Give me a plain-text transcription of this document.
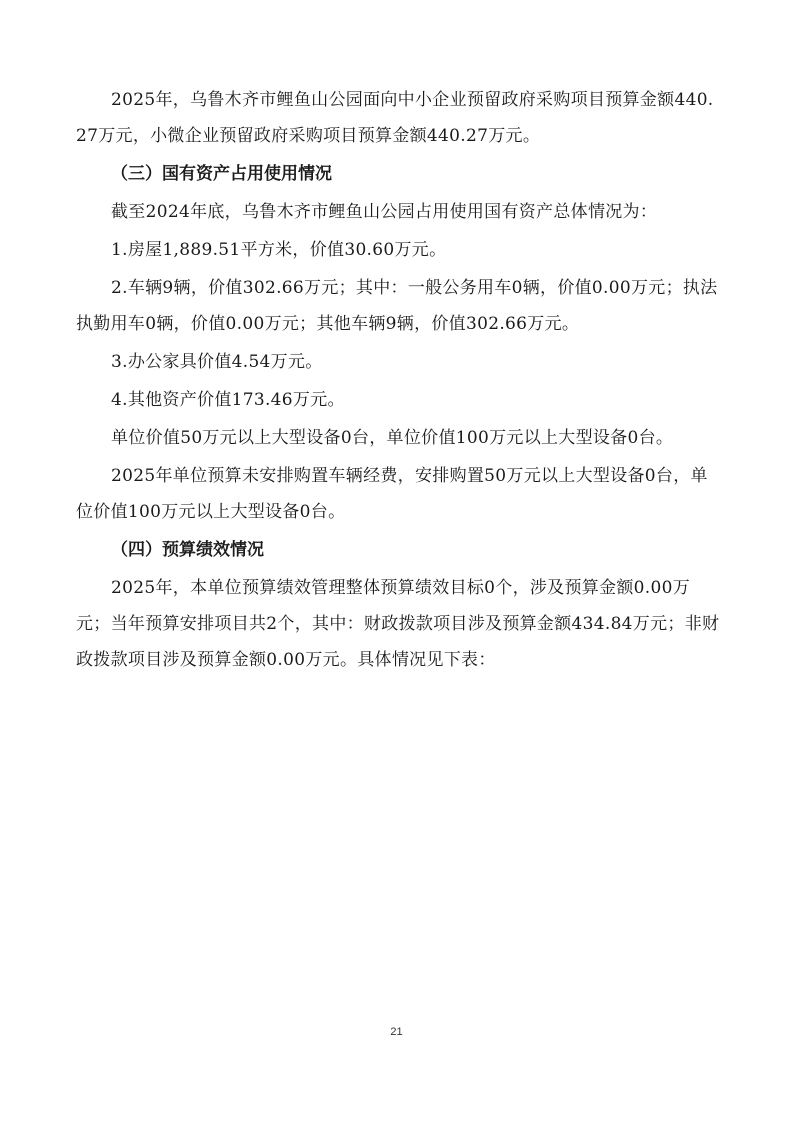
2025年，乌鲁木齐市鲤鱼山公园面向中小企业预留政府采购项目预算金额440.27万元，小微企业预留政府采购项目预算金额440.27万元。

（三）国有资产占用使用情况

截至2024年底，乌鲁木齐市鲤鱼山公园占用使用国有资产总体情况为：

1.房屋1,889.51平方米，价值30.60万元。

2.车辆9辆，价值302.66万元；其中：一般公务用车0辆，价值0.00万元；执法执勤用车0辆，价值0.00万元；其他车辆9辆，价值302.66万元。

3.办公家具价值4.54万元。

4.其他资产价值173.46万元。

单位价值50万元以上大型设备0台，单位价值100万元以上大型设备0台。

2025年单位预算未安排购置车辆经费，安排购置50万元以上大型设备0台，单位价值100万元以上大型设备0台。

（四）预算绩效情况

2025年，本单位预算绩效管理整体预算绩效目标0个，涉及预算金额0.00万元；当年预算安排项目共2个，其中：财政拨款项目涉及预算金额434.84万元；非财政拨款项目涉及预算金额0.00万元。具体情况见下表：

21
